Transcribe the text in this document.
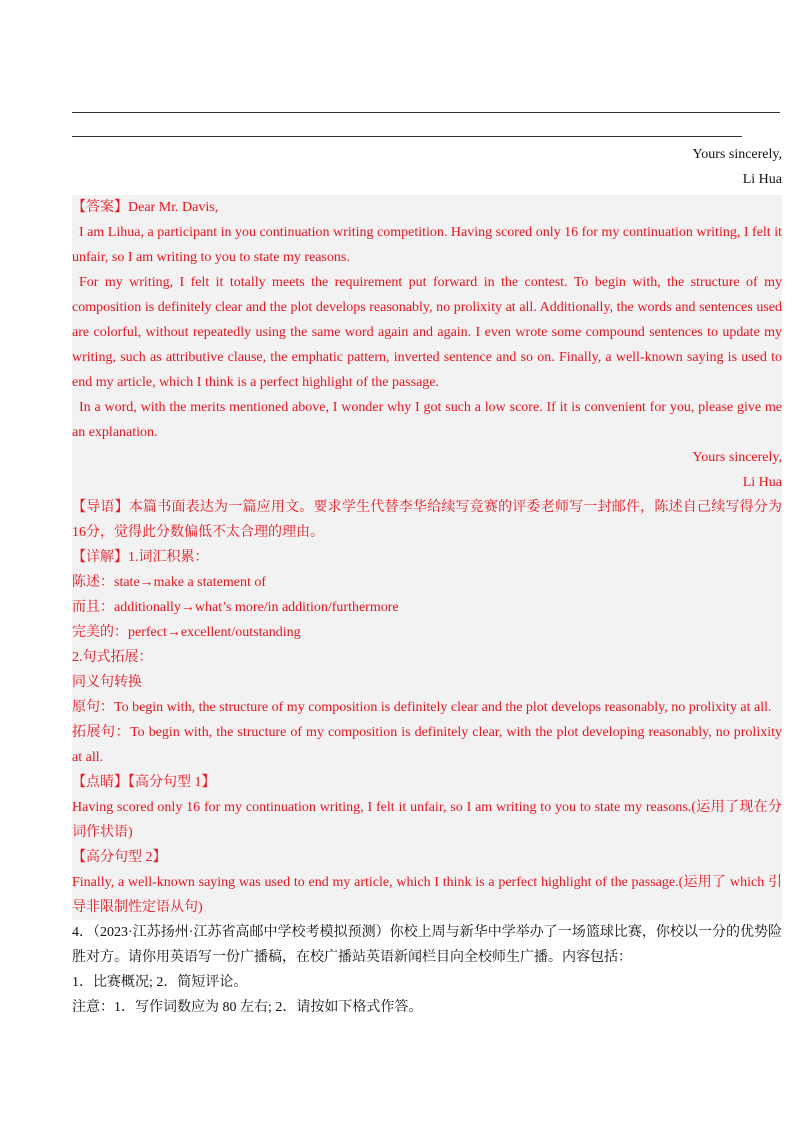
Yours sincerely,

Li Hua

【答案】Dear Mr. Davis,

I am Lihua, a participant in you continuation writing competition. Having scored only 16 for my continuation writing, I felt it unfair, so I am writing to you to state my reasons.

For my writing, I felt it totally meets the requirement put forward in the contest. To begin with, the structure of my composition is definitely clear and the plot develops reasonably, no prolixity at all. Additionally, the words and sentences used are colorful, without repeatedly using the same word again and again. I even wrote some compound sentences to update my writing, such as attributive clause, the emphatic pattern, inverted sentence and so on. Finally, a well-known saying is used to end my article, which I think is a perfect highlight of the passage.

In a word, with the merits mentioned above, I wonder why I got such a low score. If it is convenient for you, please give me an explanation.

Yours sincerely,

Li Hua

【导语】本篇书面表达为一篇应用文。要求学生代替李华给续写竞赛的评委老师写一封邮件，陈述自己续写得分为16分，觉得此分数偏低不太合理的理由。

【详解】1.词汇积累：

陈述：state→make a statement of

而且：additionally→what’s more/in addition/furthermore

完美的：perfect→excellent/outstanding

2.句式拓展：

同义句转换

原句：To begin with, the structure of my composition is definitely clear and the plot develops reasonably, no prolixity at all.

拓展句：To begin with, the structure of my composition is definitely clear, with the plot developing reasonably, no prolixity at all.

【点睛】【高分句型 1】

Having scored only 16 for my continuation writing, I felt it unfair, so I am writing to you to state my reasons.(运用了现在分词作状语)

【高分句型 2】

Finally, a well-known saying was used to end my article, which I think is a perfect highlight of the passage.(运用了 which 引导非限制性定语从句)

4．（2023·江苏扬州·江苏省高邮中学校考模拟预测）你校上周与新华中学举办了一场篮球比赛，你校以一分的优势险胜对方。请你用英语写一份广播稿，在校广播站英语新闻栏目向全校师生广播。内容包括：

1．比赛概况; 2．简短评论。

注意：1．写作词数应为 80 左右; 2．请按如下格式作答。
